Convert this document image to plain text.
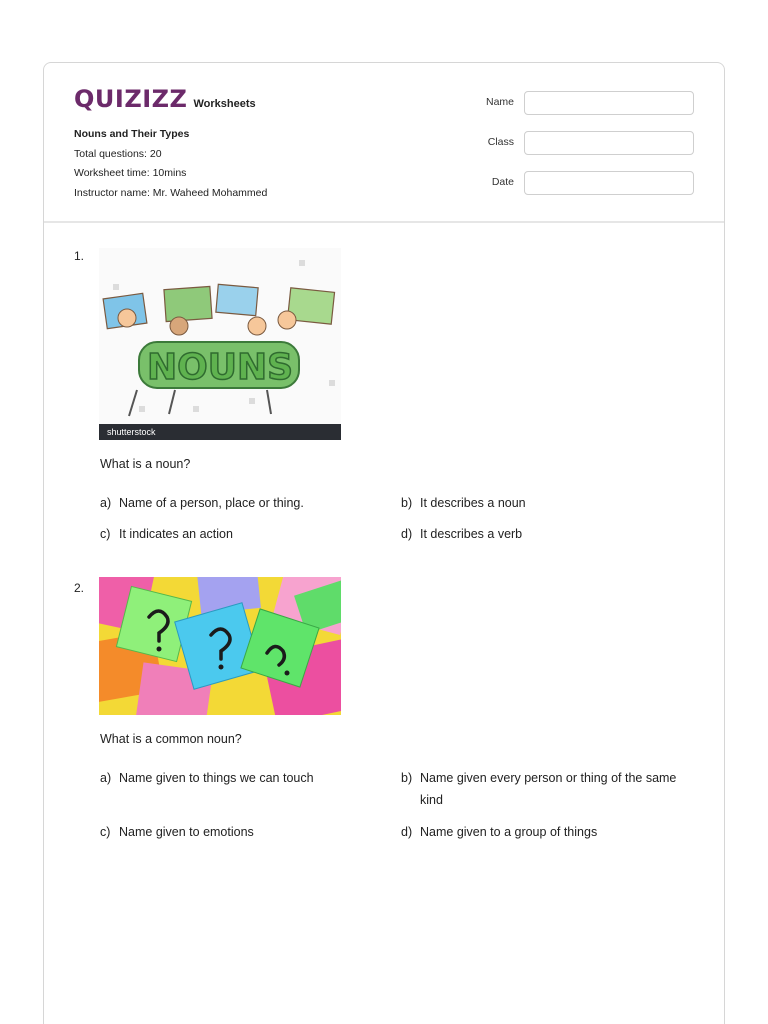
QUIZIZZ Worksheets
Nouns and Their Types
Total questions: 20
Worksheet time: 10mins
Instructor name: Mr. Waheed Mohammed
Name
Class
Date
1.
NOUNS
shutterstock
What is a noun?
a) Name of a person, place or thing.	b) It describes a noun
c) It indicates an action	d) It describes a verb
2.
What is a common noun?
a) Name given to things we can touch	b) Name given every person or thing of the same kind
c) Name given to emotions	d) Name given to a group of things
